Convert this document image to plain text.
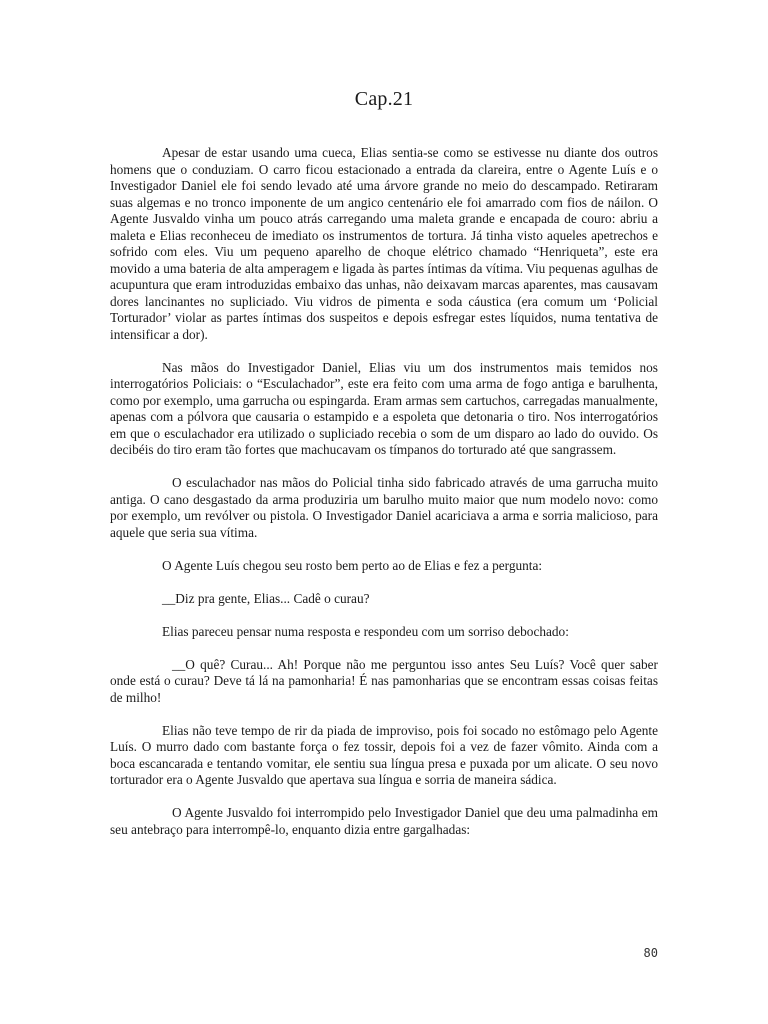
Cap.21

Apesar de estar usando uma cueca, Elias sentia-se como se estivesse nu diante dos outros homens que o conduziam. O carro ficou estacionado a entrada da clareira, entre o Agente Luís e o Investigador Daniel ele foi sendo levado até uma árvore grande no meio do descampado. Retiraram suas algemas e no tronco imponente de um angico centenário ele foi amarrado com fios de náilon. O Agente Jusvaldo vinha um pouco atrás carregando uma maleta grande e encapada de couro: abriu a maleta e Elias reconheceu de imediato os instrumentos de tortura. Já tinha visto aqueles apetrechos e sofrido com eles. Viu um pequeno aparelho de choque elétrico chamado “Henriqueta”, este era movido a uma bateria de alta amperagem e ligada às partes íntimas da vítima. Viu pequenas agulhas de acupuntura que eram introduzidas embaixo das unhas, não deixavam marcas aparentes, mas causavam dores lancinantes no supliciado. Viu vidros de pimenta e soda cáustica (era comum um ‘Policial Torturador’ violar as partes íntimas dos suspeitos e depois esfregar estes líquidos, numa tentativa de intensificar a dor).

Nas mãos do Investigador Daniel, Elias viu um dos instrumentos mais temidos nos interrogatórios Policiais: o “Esculachador”, este era feito com uma arma de fogo antiga e barulhenta, como por exemplo, uma garrucha ou espingarda. Eram armas sem cartuchos, carregadas manualmente, apenas com a pólvora que causaria o estampido e a espoleta que detonaria o tiro. Nos interrogatórios em que o esculachador era utilizado o supliciado recebia o som de um disparo ao lado do ouvido. Os decibéis do tiro eram tão fortes que machucavam os tímpanos do torturado até que sangrassem.

O esculachador nas mãos do Policial tinha sido fabricado através de uma garrucha muito antiga. O cano desgastado da arma produziria um barulho muito maior que num modelo novo: como por exemplo, um revólver ou pistola. O Investigador Daniel acariciava a arma e sorria malicioso, para aquele que seria sua vítima.

O Agente Luís chegou seu rosto bem perto ao de Elias e fez a pergunta:

__Diz pra gente, Elias... Cadê o curau?

Elias pareceu pensar numa resposta e respondeu com um sorriso debochado:

__O quê? Curau... Ah! Porque não me perguntou isso antes Seu Luís? Você quer saber onde está o curau? Deve tá lá na pamonharia! É nas pamonharias que se encontram essas coisas feitas de milho!

Elias não teve tempo de rir da piada de improviso, pois foi socado no estômago pelo Agente Luís. O murro dado com bastante força o fez tossir, depois foi a vez de fazer vômito. Ainda com a boca escancarada e tentando vomitar, ele sentiu sua língua presa e puxada por um alicate. O seu novo torturador era o Agente Jusvaldo que apertava sua língua e sorria de maneira sádica.

O Agente Jusvaldo foi interrompido pelo Investigador Daniel que deu uma palmadinha em seu antebraço para interrompê-lo, enquanto dizia entre gargalhadas:

80
